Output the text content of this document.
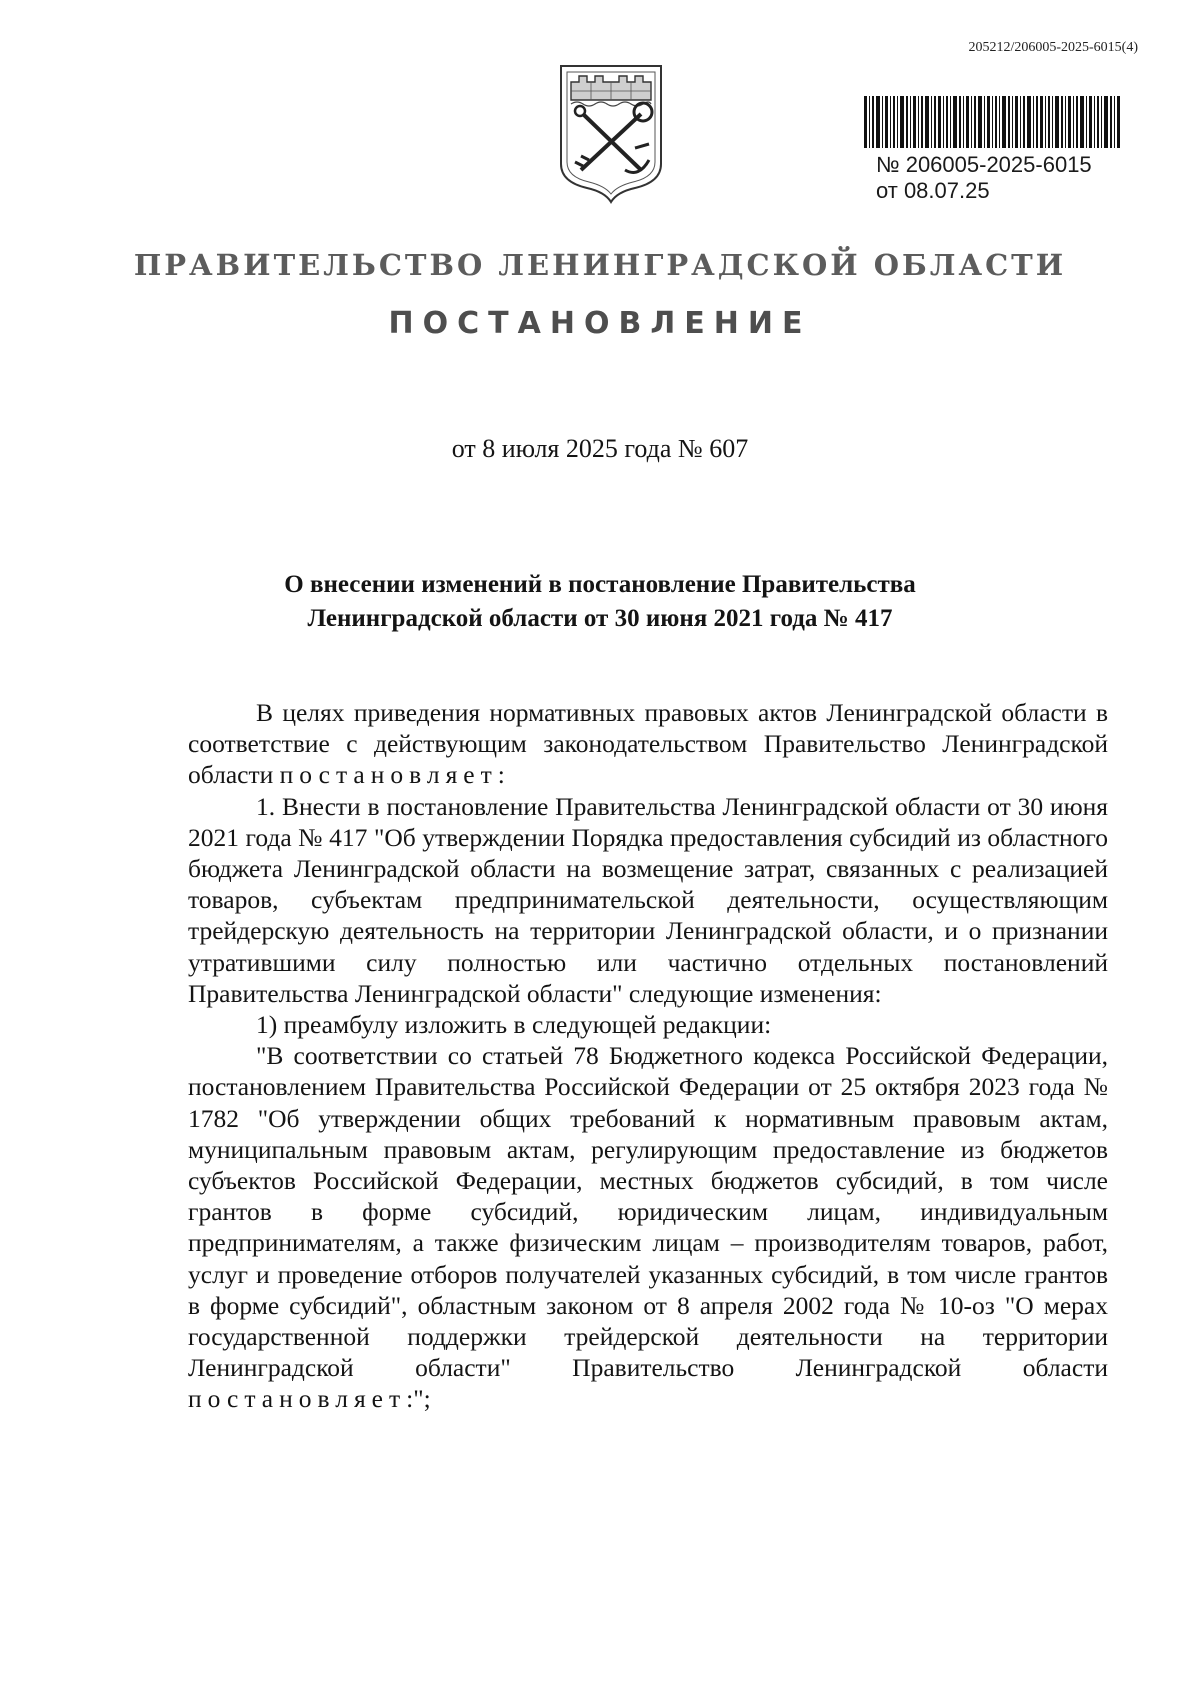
205212/206005-2025-6015(4)
№ 206005-2025-6015
от 08.07.25
ПРАВИТЕЛЬСТВО ЛЕНИНГРАДСКОЙ ОБЛАСТИ
ПОСТАНОВЛЕНИЕ
от 8 июля 2025 года № 607
О внесении изменений в постановление Правительства
Ленинградской области от 30 июня 2021 года № 417

В целях приведения нормативных правовых актов Ленинградской области в соответствие с действующим законодательством Правительство Ленинградской области постановляет:

1. Внести в постановление Правительства Ленинградской области от 30 июня 2021 года № 417 "Об утверждении Порядка предоставления субсидий из областного бюджета Ленинградской области на возмещение затрат, связанных с реализацией товаров, субъектам предпринимательской деятельности, осуществляющим трейдерскую деятельность на территории Ленинградской области, и о признании утратившими силу полностью или частично отдельных постановлений Правительства Ленинградской области" следующие изменения:

1) преамбулу изложить в следующей редакции:

"В соответствии со статьей 78 Бюджетного кодекса Российской Федерации, постановлением Правительства Российской Федерации от 25 октября 2023 года № 1782 "Об утверждении общих требований к нормативным правовым актам, муниципальным правовым актам, регулирующим предоставление из бюджетов субъектов Российской Федерации, местных бюджетов субсидий, в том числе грантов в форме субсидий, юридическим лицам, индивидуальным предпринимателям, а также физическим лицам – производителям товаров, работ, услуг и проведение отборов получателей указанных субсидий, в том числе грантов в форме субсидий", областным законом от 8 апреля 2002 года № 10-оз "О мерах государственной поддержки трейдерской деятельности на территории Ленинградской области" Правительство Ленинградской области постановляет:";
